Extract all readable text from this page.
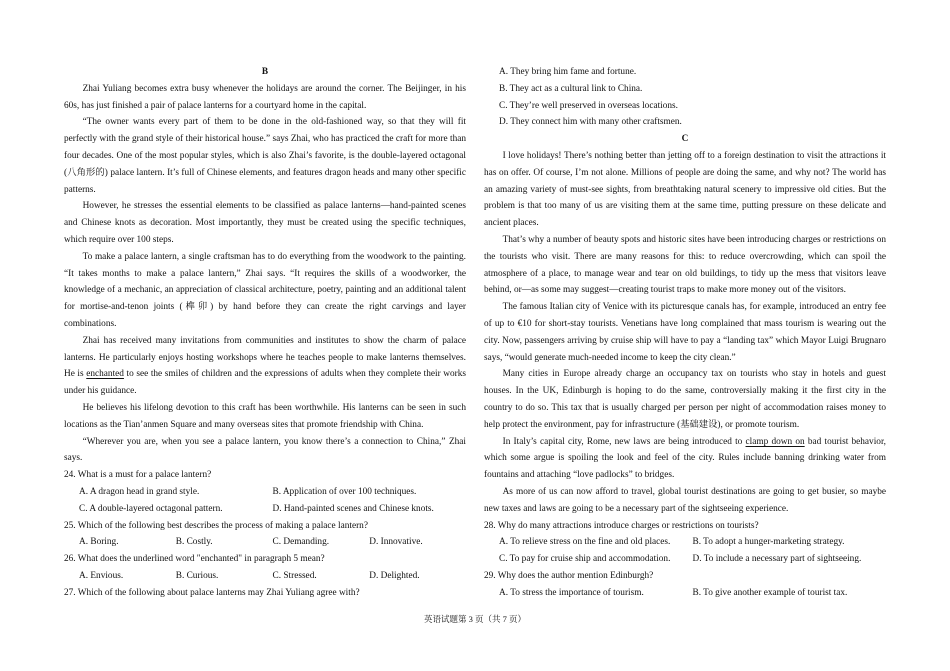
B

Zhai Yuliang becomes extra busy whenever the holidays are around the corner. The Beijinger, in his 60s, has just finished a pair of palace lanterns for a courtyard home in the capital.

“The owner wants every part of them to be done in the old-fashioned way, so that they will fit perfectly with the grand style of their historical house.” says Zhai, who has practiced the craft for more than four decades. One of the most popular styles, which is also Zhai’s favorite, is the double-layered octagonal (八角形的) palace lantern. It’s full of Chinese elements, and features dragon heads and many other specific patterns.

However, he stresses the essential elements to be classified as palace lanterns—hand-painted scenes and Chinese knots as decoration. Most importantly, they must be created using the specific techniques, which require over 100 steps.

To make a palace lantern, a single craftsman has to do everything from the woodwork to the painting. “It takes months to make a palace lantern,” Zhai says. “It requires the skills of a woodworker, the knowledge of a mechanic, an appreciation of classical architecture, poetry, painting and an additional talent for mortise-and-tenon joints (榫卯) by hand before they can create the right carvings and layer combinations.

Zhai has received many invitations from communities and institutes to show the charm of palace lanterns. He particularly enjoys hosting workshops where he teaches people to make lanterns themselves. He is enchanted to see the smiles of children and the expressions of adults when they complete their works under his guidance.

He believes his lifelong devotion to this craft has been worthwhile. His lanterns can be seen in such locations as the Tian’anmen Square and many overseas sites that promote friendship with China.

“Wherever you are, when you see a palace lantern, you know there’s a connection to China,” Zhai says.

24. What is a must for a palace lantern?

A. A dragon head in grand style.	B. Application of over 100 techniques.
C. A double-layered octagonal pattern.	D. Hand-painted scenes and Chinese knots.

25. Which of the following best describes the process of making a palace lantern?

A. Boring.	B. Costly.	C. Demanding.	D. Innovative.

26. What does the underlined word "enchanted" in paragraph 5 mean?

A. Envious.	B. Curious.	C. Stressed.	D. Delighted.

27. Which of the following about palace lanterns may Zhai Yuliang agree with?

A. They bring him fame and fortune.
B. They act as a cultural link to China.
C. They’re well preserved in overseas locations.
D. They connect him with many other craftsmen.

C

I love holidays! There’s nothing better than jetting off to a foreign destination to visit the attractions it has on offer. Of course, I’m not alone. Millions of people are doing the same, and why not? The world has an amazing variety of must-see sights, from breathtaking natural scenery to impressive old cities. But the problem is that too many of us are visiting them at the same time, putting pressure on these delicate and ancient places.

That’s why a number of beauty spots and historic sites have been introducing charges or restrictions on the tourists who visit. There are many reasons for this: to reduce overcrowding, which can spoil the atmosphere of a place, to manage wear and tear on old buildings, to tidy up the mess that visitors leave behind, or—as some may suggest—creating tourist traps to make more money out of the visitors.

The famous Italian city of Venice with its picturesque canals has, for example, introduced an entry fee of up to €10 for short-stay tourists. Venetians have long complained that mass tourism is wearing out the city. Now, passengers arriving by cruise ship will have to pay a “landing tax” which Mayor Luigi Brugnaro says, “would generate much-needed income to keep the city clean.”

Many cities in Europe already charge an occupancy tax on tourists who stay in hotels and guest houses. In the UK, Edinburgh is hoping to do the same, controversially making it the first city in the country to do so. This tax that is usually charged per person per night of accommodation raises money to help protect the environment, pay for infrastructure (基础建设), or promote tourism.

In Italy’s capital city, Rome, new laws are being introduced to clamp down on bad tourist behavior, which some argue is spoiling the look and feel of the city. Rules include banning drinking water from fountains and attaching “love padlocks” to bridges.

As more of us can now afford to travel, global tourist destinations are going to get busier, so maybe new taxes and laws are going to be a necessary part of the sightseeing experience.

28. Why do many attractions introduce charges or restrictions on tourists?

A. To relieve stress on the fine and old places.	B. To adopt a hunger-marketing strategy.
C. To pay for cruise ship and accommodation.	D. To include a necessary part of sightseeing.

29. Why does the author mention Edinburgh?

A. To stress the importance of tourism.	B. To give another example of tourist tax.
英语试题第 3 页（共 7 页）
